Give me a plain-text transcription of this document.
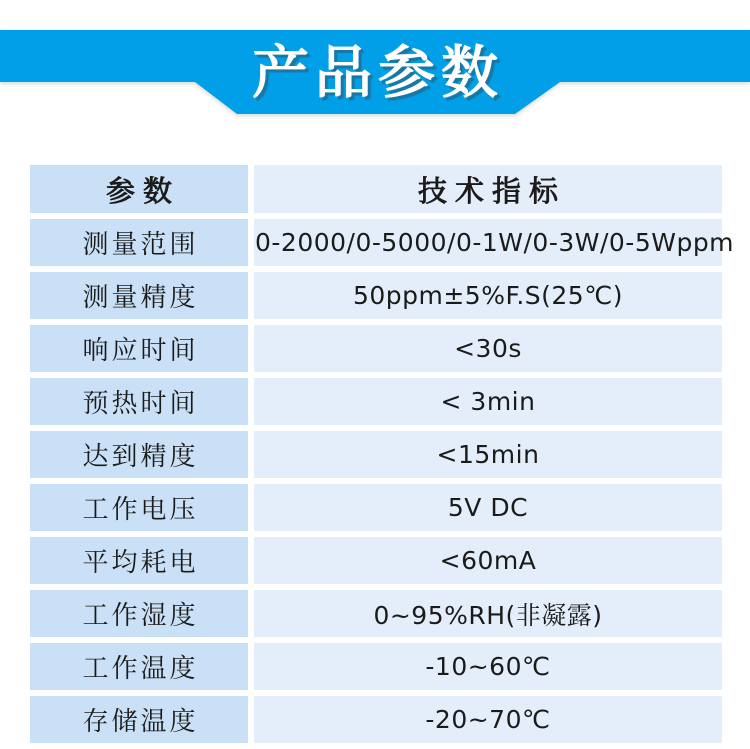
产品参数
参数	技术指标
测量范围	0-2000/0-5000/0-1W/0-3W/0-5Wppm
测量精度	50ppm±5%F.S(25℃)
响应时间	<30s
预热时间	< 3min
达到精度	<15min
工作电压	5V DC
平均耗电	<60mA
工作湿度	0~95%RH(非凝露)
工作温度	-10~60℃
存储温度	-20~70℃
